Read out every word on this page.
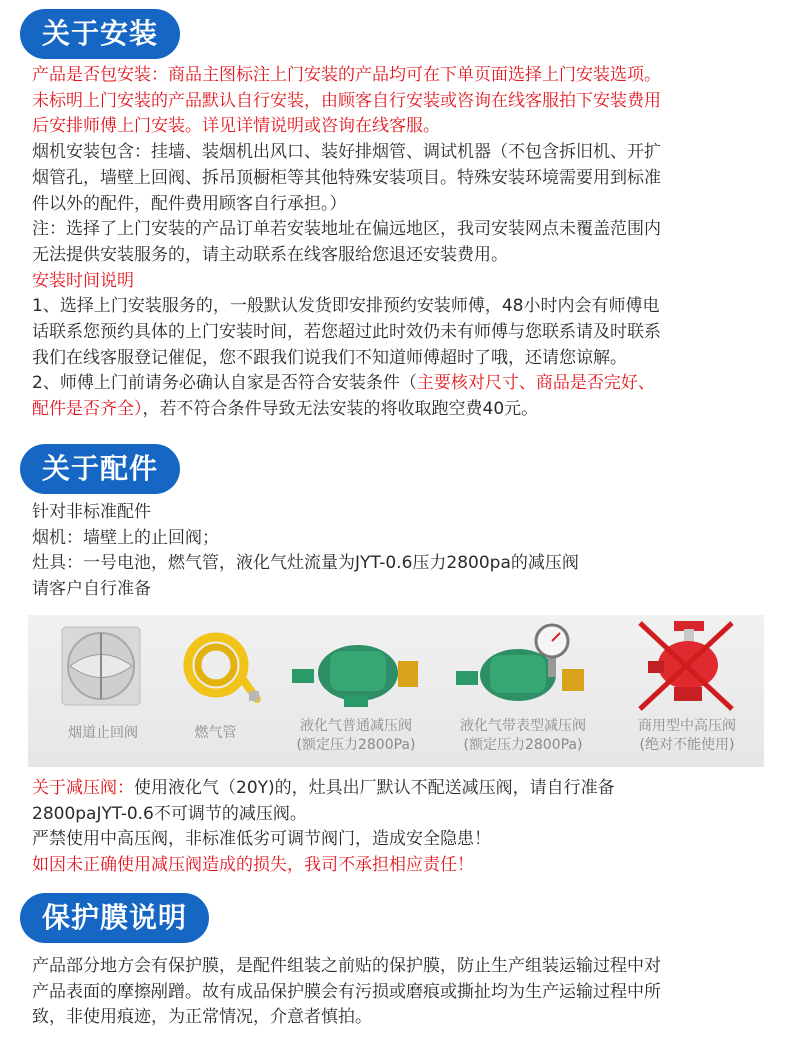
关于安装
产品是否包安装：商品主图标注上门安装的产品均可在下单页面选择上门安装选项。
未标明上门安装的产品默认自行安装，由顾客自行安装或咨询在线客服拍下安装费用
后安排师傅上门安装。详见详情说明或咨询在线客服。
烟机安装包含：挂墙、装烟机出风口、装好排烟管、调试机器（不包含拆旧机、开扩
烟管孔，墙壁上回阀、拆吊顶橱柜等其他特殊安装项目。特殊安装环境需要用到标准
件以外的配件，配件费用顾客自行承担。）
注：选择了上门安装的产品订单若安装地址在偏远地区，我司安装网点未覆盖范围内
无法提供安装服务的，请主动联系在线客服给您退还安装费用。
安装时间说明
1、选择上门安装服务的，一般默认发货即安排预约安装师傅，48小时内会有师傅电
话联系您预约具体的上门安装时间，若您超过此时效仍未有师傅与您联系请及时联系
我们在线客服登记催促，您不跟我们说我们不知道师傅超时了哦，还请您谅解。
2、师傅上门前请务必确认自家是否符合安装条件（主要核对尺寸、商品是否完好、
配件是否齐全），若不符合条件导致无法安装的将收取跑空费40元。
关于配件
针对非标准配件
烟机：墙壁上的止回阀；
灶具：一号电池，燃气管，液化气灶流量为JYT-0.6压力2800pa的减压阀
请客户自行准备
烟道止回阀	燃气管	液化气普通减压阀
(额定压力2800Pa)
液化气带表型减压阀
(额定压力2800Pa)
商用型中高压阀
(绝对不能使用)
关于减压阀：使用液化气（20Y)的，灶具出厂默认不配送减压阀，请自行准备
2800paJYT-0.6不可调节的减压阀。
严禁使用中高压阀，非标准低劣可调节阀门，造成安全隐患！
如因未正确使用减压阀造成的损失，我司不承担相应责任！
保护膜说明
产品部分地方会有保护膜，是配件组装之前贴的保护膜，防止生产组装运输过程中对
产品表面的摩擦剐蹭。故有成品保护膜会有污损或磨痕或撕扯均为生产运输过程中所
致，非使用痕迹，为正常情况，介意者慎拍。
